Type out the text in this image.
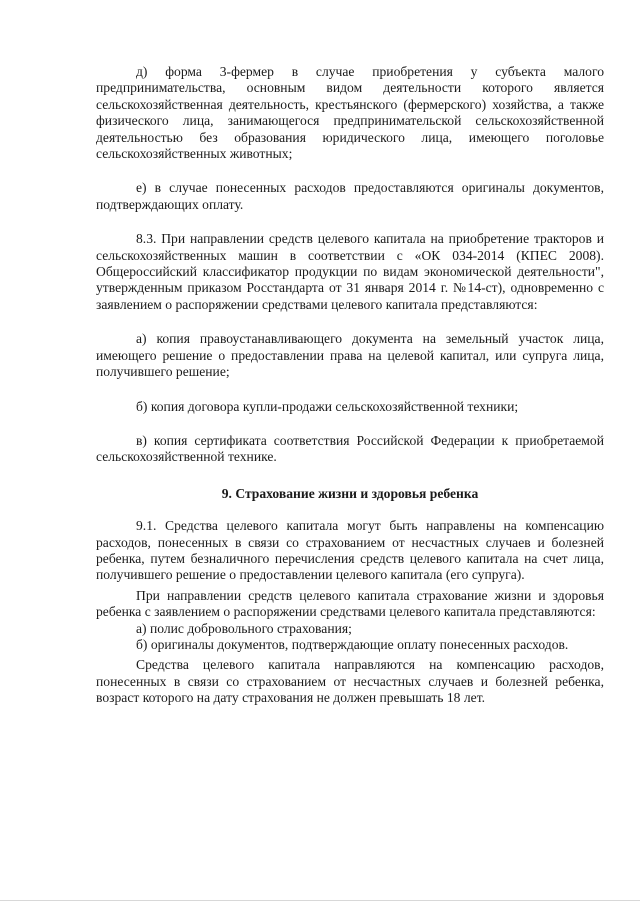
д) форма 3-фермер в случае приобретения у субъекта малого предпринимательства, основным видом деятельности которого является сельскохозяйственная деятельность, крестьянского (фермерского) хозяйства, а также физического лица, занимающегося предпринимательской сельскохозяйственной деятельностью без образования юридического лица, имеющего поголовье сельскохозяйственных животных;

е) в случае понесенных расходов предоставляются оригиналы документов, подтверждающих оплату.

8.3. При направлении средств целевого капитала на приобретение тракторов и сельскохозяйственных машин в соответствии с «ОК 034-2014 (КПЕС 2008). Общероссийский классификатор продукции по видам экономической деятельности", утвержденным приказом Росстандарта от 31 января 2014 г. №14-ст), одновременно с заявлением о распоряжении средствами целевого капитала представляются:

а) копия правоустанавливающего документа на земельный участок лица, имеющего решение о предоставлении права на целевой капитал, или супруга лица, получившего решение;

б) копия договора купли-продажи сельскохозяйственной техники;

в) копия сертификата соответствия Российской Федерации к приобретаемой сельскохозяйственной технике.

9. Страхование жизни и здоровья ребенка

9.1. Средства целевого капитала могут быть направлены на компенсацию расходов, понесенных в связи со страхованием от несчастных случаев и болезней ребенка, путем безналичного перечисления средств целевого капитала на счет лица, получившего решение о предоставлении целевого капитала (его супруга).

При направлении средств целевого капитала страхование жизни и здоровья ребенка с заявлением о распоряжении средствами целевого капитала представляются:

а) полис добровольного страхования;

б) оригиналы документов, подтверждающие оплату понесенных расходов.

Средства целевого капитала направляются на компенсацию расходов, понесенных в связи со страхованием от несчастных случаев и болезней ребенка, возраст которого на дату страхования не должен превышать 18 лет.
